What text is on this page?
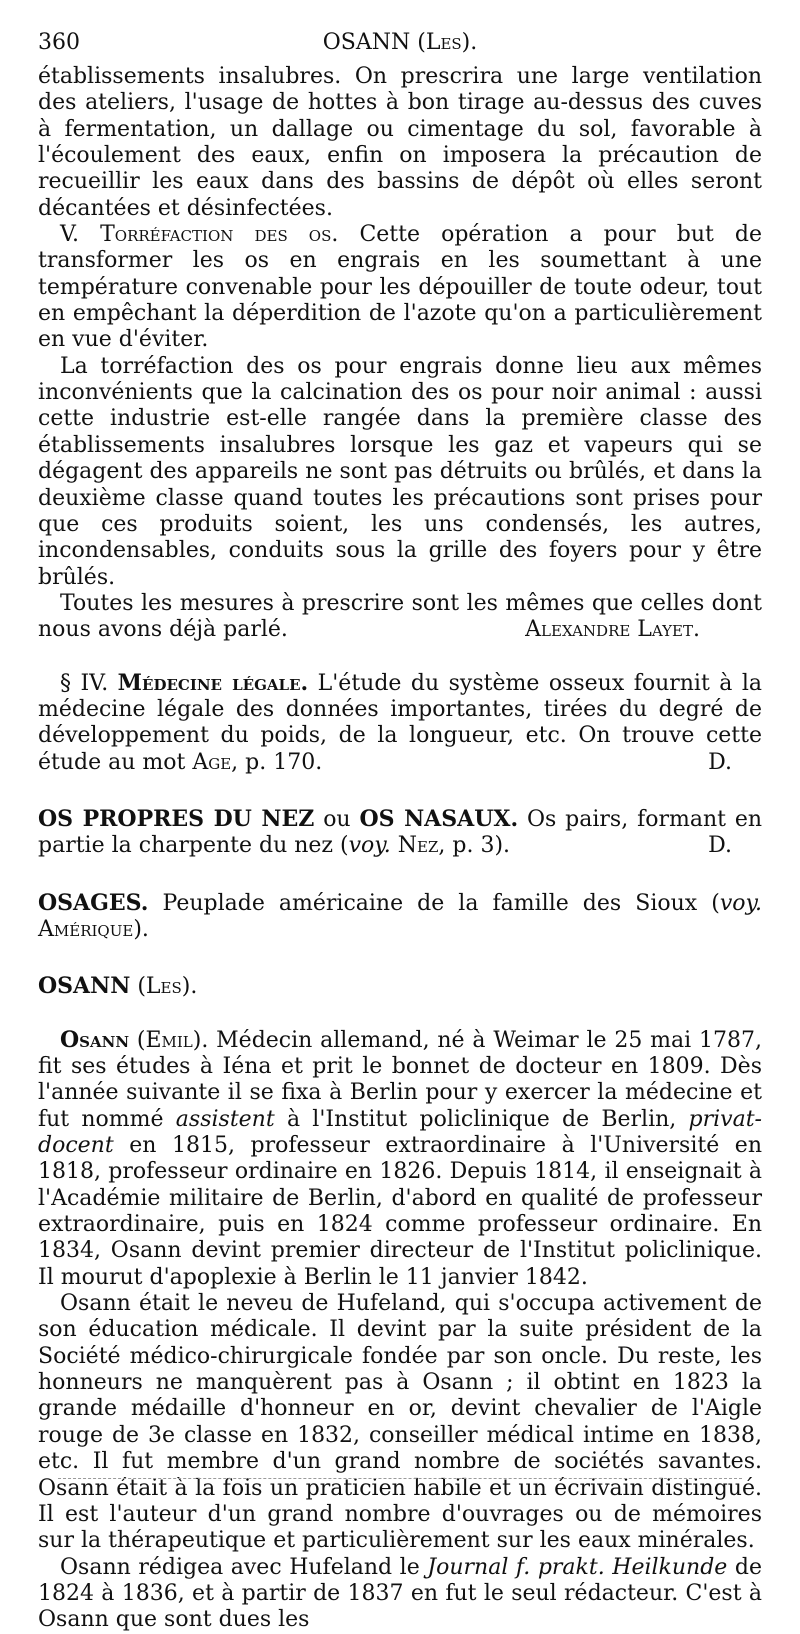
360	OSANN (Les).

établissements insalubres. On prescrira une large ventilation des ateliers, l'usage de hottes à bon tirage au-dessus des cuves à fermentation, un dallage ou cimentage du sol, favorable à l'écoulement des eaux, enfin on imposera la précaution de recueillir les eaux dans des bassins de dépôt où elles seront décantées et désinfectées.

V. Torréfaction des os. Cette opération a pour but de transformer les os en engrais en les soumettant à une température convenable pour les dépouiller de toute odeur, tout en empêchant la déperdition de l'azote qu'on a particulièrement en vue d'éviter.

La torréfaction des os pour engrais donne lieu aux mêmes inconvénients que la calcination des os pour noir animal : aussi cette industrie est-elle rangée dans la première classe des établissements insalubres lorsque les gaz et vapeurs qui se dégagent des appareils ne sont pas détruits ou brûlés, et dans la deuxième classe quand toutes les précautions sont prises pour que ces produits soient, les uns condensés, les autres, incondensables, conduits sous la grille des foyers pour y être brûlés.

Toutes les mesures à prescrire sont les mêmes que celles dont nous avons déjà parlé.	Alexandre Layet.

§ IV. Médecine légale. L'étude du système osseux fournit à la médecine légale des données importantes, tirées du degré de développement du poids, de la longueur, etc. On trouve cette étude au mot Age, p. 170.	D.

OS PROPRES DU NEZ ou OS NASAUX. Os pairs, formant en partie la charpente du nez (voy. Nez, p. 3).	D.

OSAGES. Peuplade américaine de la famille des Sioux (voy. Amérique).

OSANN (Les).

Osann (Emil). Médecin allemand, né à Weimar le 25 mai 1787, fit ses études à Iéna et prit le bonnet de docteur en 1809. Dès l'année suivante il se fixa à Berlin pour y exercer la médecine et fut nommé assistent à l'Institut policlinique de Berlin, privat-docent en 1815, professeur extraordinaire à l'Université en 1818, professeur ordinaire en 1826. Depuis 1814, il enseignait à l'Académie militaire de Berlin, d'abord en qualité de professeur extraordinaire, puis en 1824 comme professeur ordinaire. En 1834, Osann devint premier directeur de l'Institut policlinique. Il mourut d'apoplexie à Berlin le 11 janvier 1842.

Osann était le neveu de Hufeland, qui s'occupa activement de son éducation médicale. Il devint par la suite président de la Société médico-chirurgicale fondée par son oncle. Du reste, les honneurs ne manquèrent pas à Osann ; il obtint en 1823 la grande médaille d'honneur en or, devint chevalier de l'Aigle rouge de 3e classe en 1832, conseiller médical intime en 1838, etc. Il fut membre d'un grand nombre de sociétés savantes. Osann était à la fois un praticien habile et un écrivain distingué. Il est l'auteur d'un grand nombre d'ouvrages ou de mémoires sur la thérapeutique et particulièrement sur les eaux minérales.

Osann rédigea avec Hufeland le Journal f. prakt. Heilkunde de 1824 à 1836, et à partir de 1837 en fut le seul rédacteur. C'est à Osann que sont dues les
